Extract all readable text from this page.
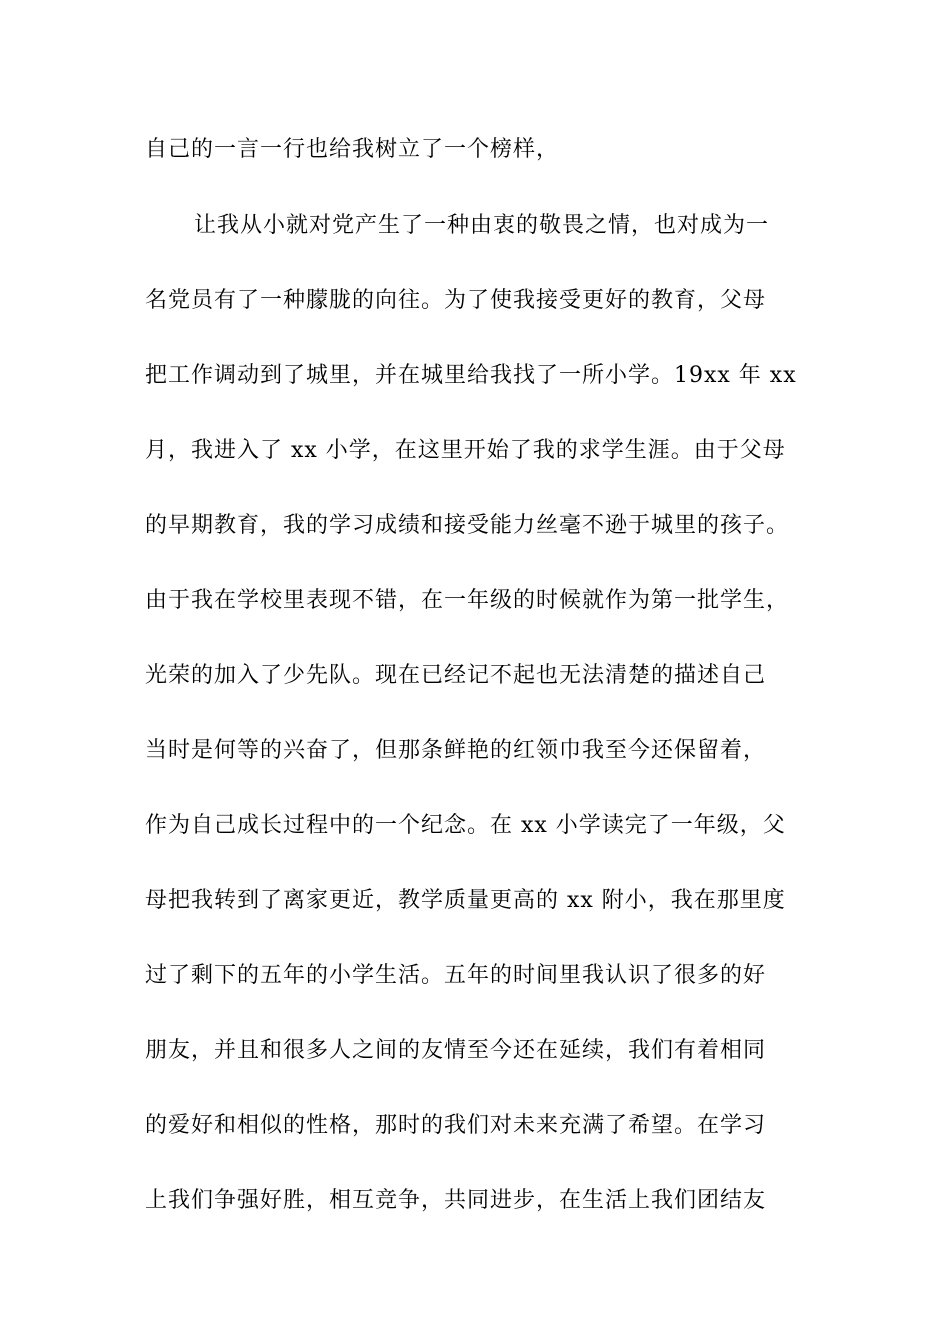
自己的一言一行也给我树立了一个榜样，
让我从小就对党产生了一种由衷的敬畏之情，也对成为一
名党员有了一种朦胧的向往。为了使我接受更好的教育，父母
把工作调动到了城里，并在城里给我找了一所小学。19xx 年 xx
月，我进入了 xx 小学，在这里开始了我的求学生涯。由于父母
的早期教育，我的学习成绩和接受能力丝毫不逊于城里的孩子。
由于我在学校里表现不错，在一年级的时候就作为第一批学生，
光荣的加入了少先队。现在已经记不起也无法清楚的描述自己
当时是何等的兴奋了，但那条鲜艳的红领巾我至今还保留着，
作为自己成长过程中的一个纪念。在 xx 小学读完了一年级，父
母把我转到了离家更近，教学质量更高的 xx 附小，我在那里度
过了剩下的五年的小学生活。五年的时间里我认识了很多的好
朋友，并且和很多人之间的友情至今还在延续，我们有着相同
的爱好和相似的性格，那时的我们对未来充满了希望。在学习
上我们争强好胜，相互竞争，共同进步，在生活上我们团结友
